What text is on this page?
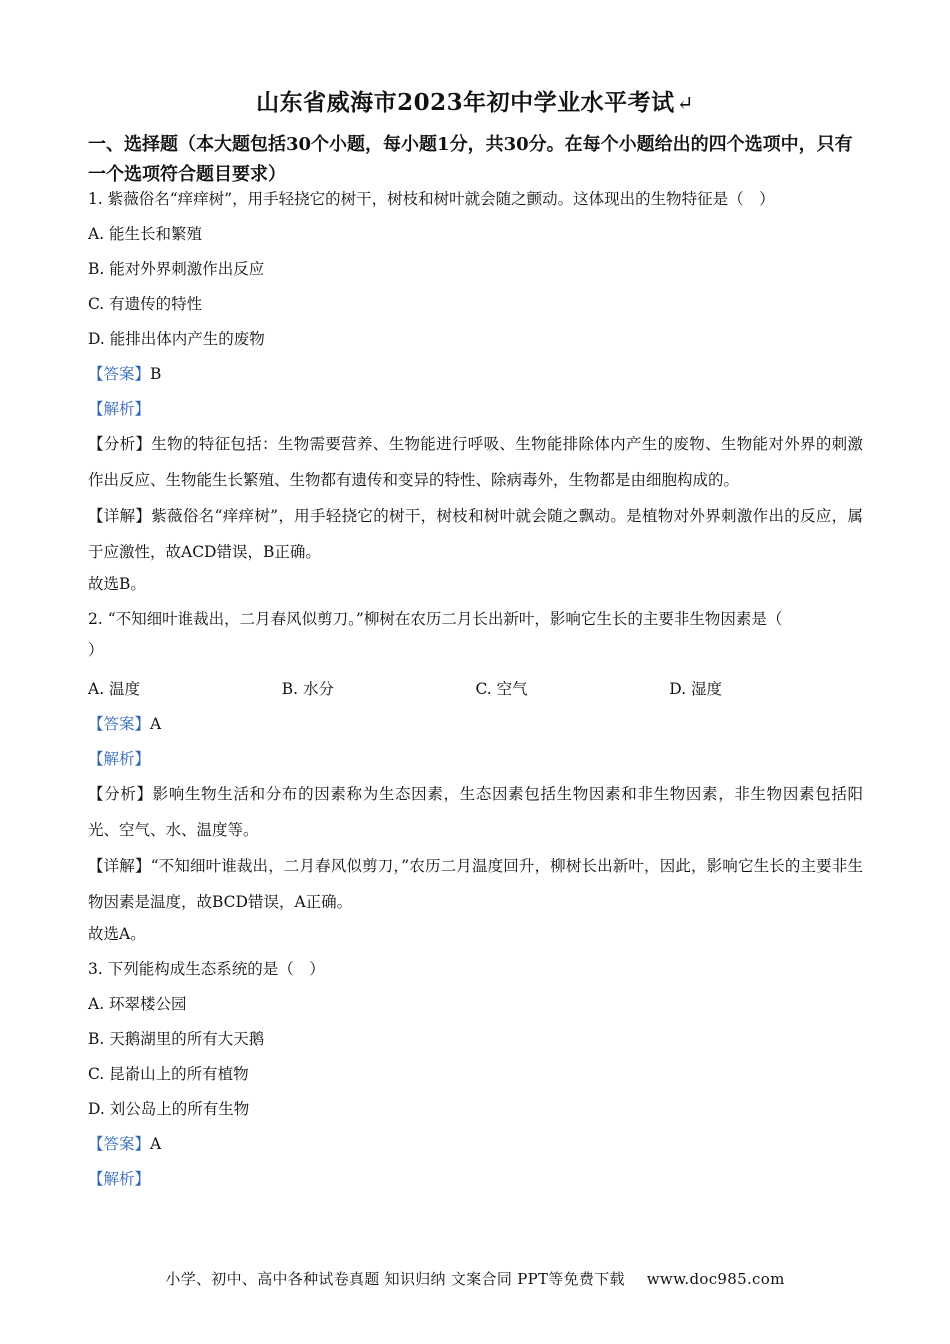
山东省威海市2023年初中学业水平考试 ↵
一、选择题（本大题包括30个小题，每小题1分，共30分。在每个小题给出的四个选项中，只有一个选项符合题目要求）
1. 紫薇俗名“痒痒树”，用手轻挠它的树干，树枝和树叶就会随之颤动。这体现出的生物特征是（　）
A. 能生长和繁殖
B. 能对外界刺激作出反应
C. 有遗传的特性
D. 能排出体内产生的废物
【答案】B
【解析】
【分析】生物的特征包括：生物需要营养、生物能进行呼吸、生物能排除体内产生的废物、生物能对外界的刺激作出反应、生物能生长繁殖、生物都有遗传和变异的特性、除病毒外，生物都是由细胞构成的。
【详解】紫薇俗名“痒痒树”，用手轻挠它的树干，树枝和树叶就会随之飘动。是植物对外界刺激作出的反应，属于应激性，故ACD错误，B正确。
故选B。
2. “不知细叶谁裁出，二月春风似剪刀。”柳树在农历二月长出新叶，影响它生长的主要非生物因素是（
）
A. 温度	B. 水分	C. 空气	D. 湿度
【答案】A
【解析】
【分析】影响生物生活和分布的因素称为生态因素，生态因素包括生物因素和非生物因素，非生物因素包括阳光、空气、水、温度等。
【详解】“不知细叶谁裁出，二月春风似剪刀，”农历二月温度回升，柳树长出新叶，因此，影响它生长的主要非生物因素是温度，故BCD错误，A正确。
故选A。
3. 下列能构成生态系统的是（　）
A. 环翠楼公园
B. 天鹅湖里的所有大天鹅
C. 昆嵛山上的所有植物
D. 刘公岛上的所有生物
【答案】A
【解析】
小学、初中、高中各种试卷真题 知识归纳 文案合同 PPT等免费下载 www.doc985.com
